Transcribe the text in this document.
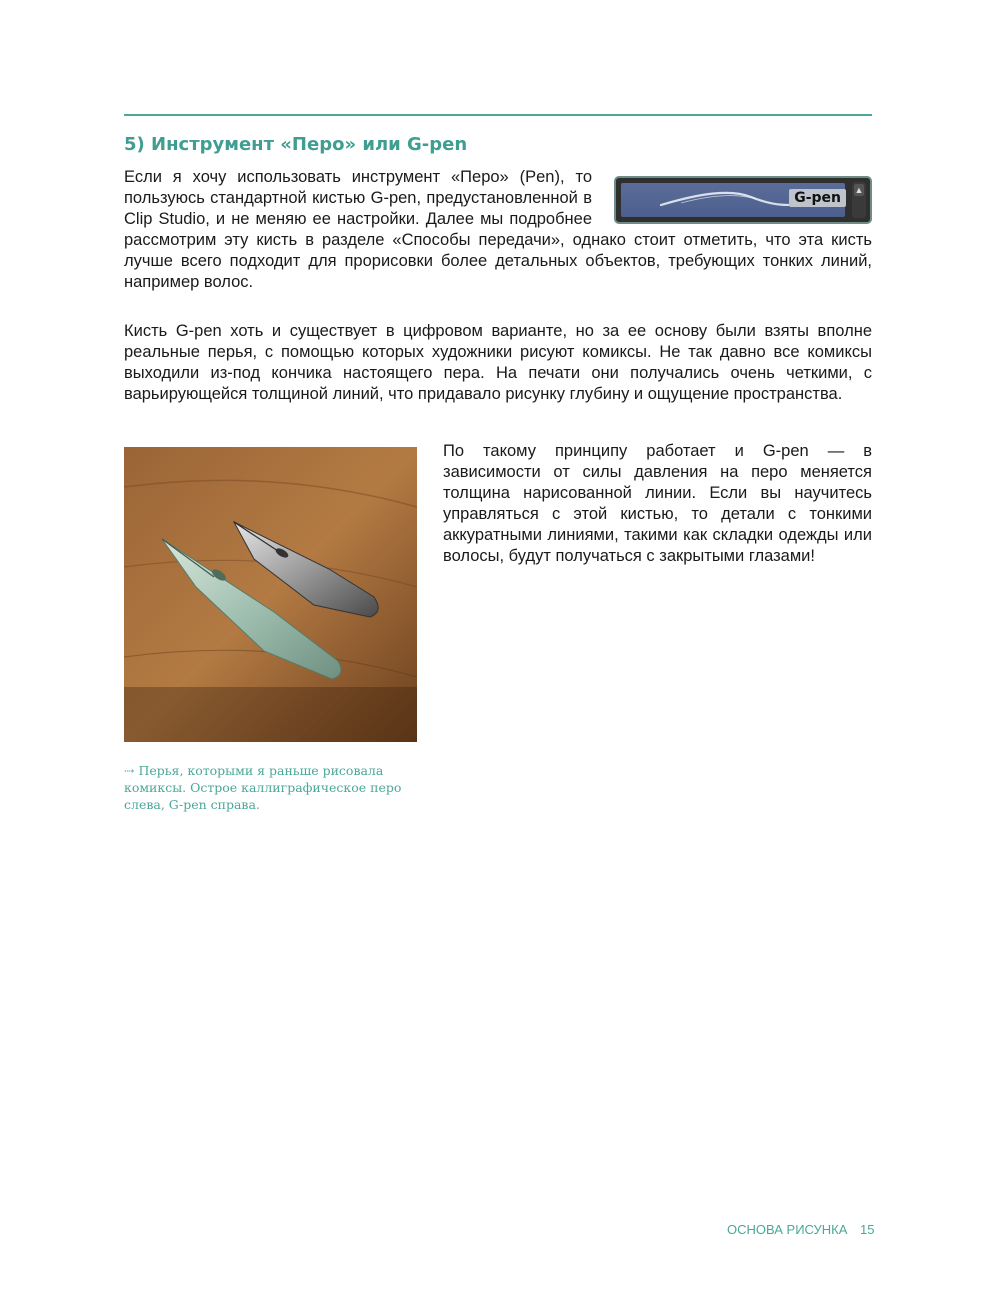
5) Инструмент «Перо» или G-pen
G-pen	▲

Если я хочу использовать инструмент «Перо» (Pen), то пользуюсь стандартной кистью G-pen, предустановленной в Clip Studio, и не меняю ее настройки. Далее мы подробнее рассмотрим эту кисть в разделе «Способы передачи», однако стоит отметить, что эта кисть лучше всего подходит для прорисовки более детальных объектов, требующих тонких линий, например волос.

Кисть G-pen хоть и существует в цифровом варианте, но за ее основу были взяты вполне реальные перья, с помощью которых художники рисуют комиксы. Не так давно все комиксы выходили из-под кончика настоящего пера. На печати они получались очень четкими, с варьирующейся толщиной линий, что придавало рисунку глубину и ощущение пространства.

По такому принципу работает и G-pen — в зависимости от силы давления на перо меняется толщина нарисованной линии. Если вы научитесь управляться с этой кистью, то детали с тонкими аккуратными линиями, такими как складки одежды или волосы, будут получаться с закрытыми глазами!

⇢ Перья, которыми я раньше рисовала комиксы. Острое каллиграфическое перо слева, G-pen справа.

ОСНОВА РИСУНКА 15
